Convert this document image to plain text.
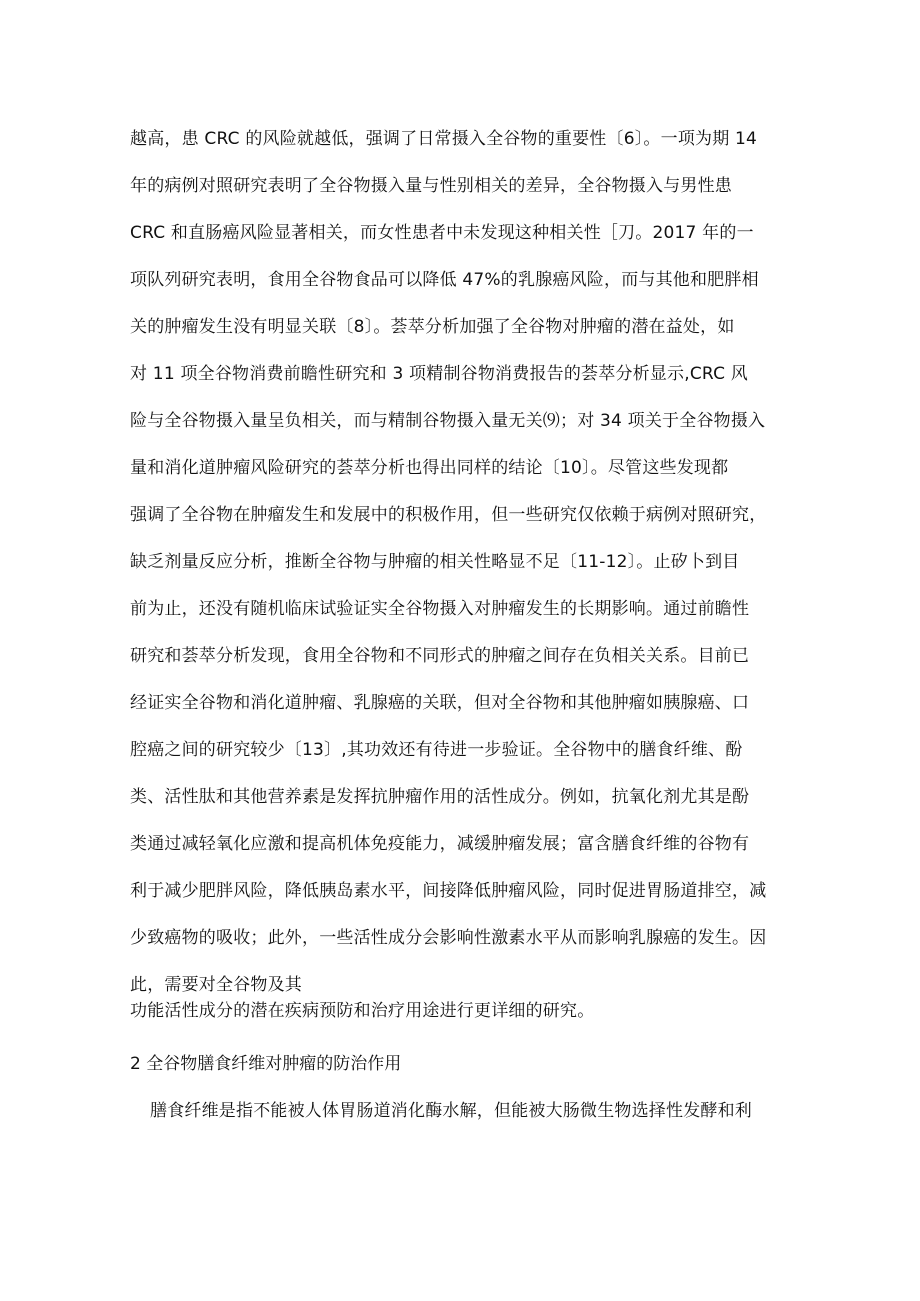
越高，患 CRC 的风险就越低，强调了日常摄入全谷物的重要性〔6〕。一项为期 14
年的病例对照研究表明了全谷物摄入量与性别相关的差异，全谷物摄入与男性患
CRC 和直肠癌风险显著相关，而女性患者中未发现这种相关性［刀。2017 年的一
项队列研究表明，食用全谷物食品可以降低 47%的乳腺癌风险，而与其他和肥胖相
关的肿瘤发生没有明显关联〔8〕。荟萃分析加强了全谷物对肿瘤的潜在益处，如
对 11 项全谷物消费前瞻性研究和 3 项精制谷物消费报告的荟萃分析显示,CRC 风
险与全谷物摄入量呈负相关，而与精制谷物摄入量无关⑼；对 34 项关于全谷物摄入
量和消化道肿瘤风险研究的荟萃分析也得出同样的结论〔10〕。尽管这些发现都
强调了全谷物在肿瘤发生和发展中的积极作用，但一些研究仅依赖于病例对照研究，
缺乏剂量反应分析，推断全谷物与肿瘤的相关性略显不足〔11-12〕。止矽卜到目
前为止，还没有随机临床试验证实全谷物摄入对肿瘤发生的长期影响。通过前瞻性
研究和荟萃分析发现，食用全谷物和不同形式的肿瘤之间存在负相关关系。目前已
经证实全谷物和消化道肿瘤、乳腺癌的关联，但对全谷物和其他肿瘤如胰腺癌、口
腔癌之间的研究较少〔13〕,其功效还有待进一步验证。全谷物中的膳食纤维、酚
类、活性肽和其他营养素是发挥抗肿瘤作用的活性成分。例如，抗氧化剂尤其是酚
类通过减轻氧化应激和提高机体免疫能力，减缓肿瘤发展；富含膳食纤维的谷物有
利于减少肥胖风险，降低胰岛素水平，间接降低肿瘤风险，同时促进胃肠道排空，减
少致癌物的吸收；此外，一些活性成分会影响性激素水平从而影响乳腺癌的发生。因
此，需要对全谷物及其
功能活性成分的潜在疾病预防和治疗用途进行更详细的研究。
2 全谷物膳食纤维对肿瘤的防治作用
膳食纤维是指不能被人体胃肠道消化酶水解，但能被大肠微生物选择性发酵和利
